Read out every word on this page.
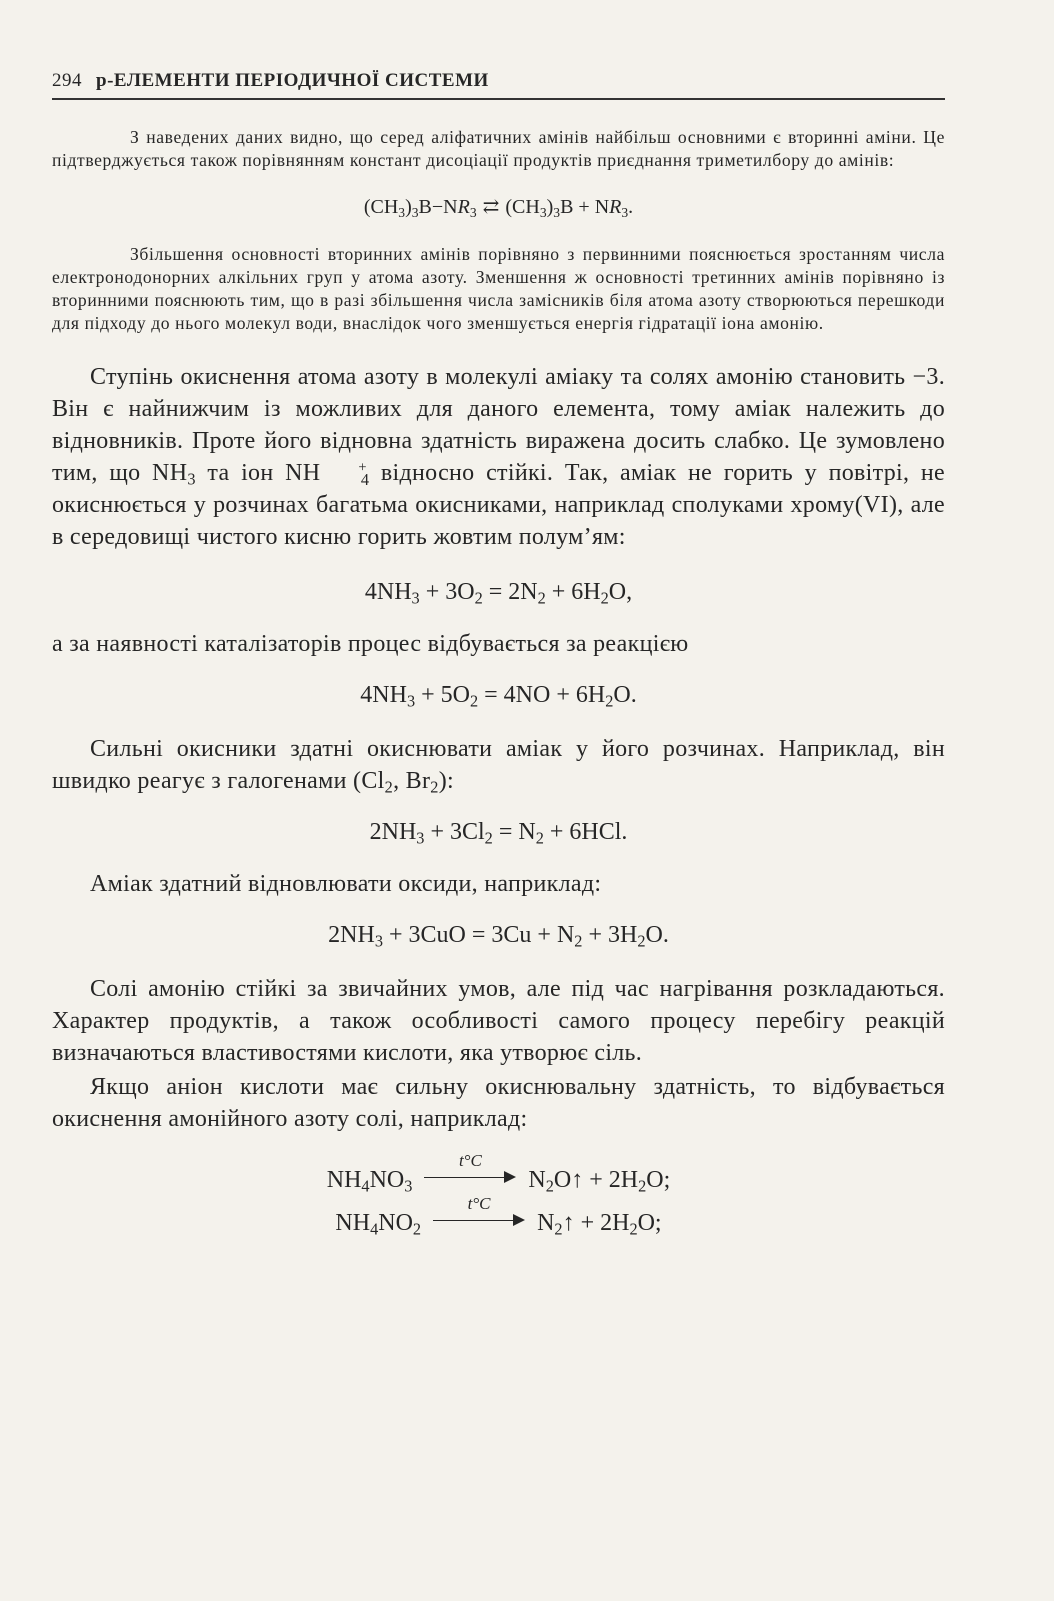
294 р-ЕЛЕМЕНТИ ПЕРІОДИЧНОЇ СИСТЕМИ

З наведених даних видно, що серед аліфатичних амінів найбільш основними є вторинні аміни. Це підтверджується також порівнянням констант дисоціації продуктів приєднання триметилбору до амінів:

$(CH_3)_3B-NR_3$ ⇄ $(CH_3)_3B + NR_3$.

Збільшення основності вторинних амінів порівняно з первинними пояснюється зростанням числа електронодонорних алкільних груп у атома азоту. Зменшення ж основності третинних амінів порівняно із вторинними пояснюють тим, що в разі збільшення числа замісників біля атома азоту створюються перешкоди для підходу до нього молекул води, внаслідок чого зменшується енергія гідратації іона амонію.

Ступінь окиснення атома азоту в молекулі аміаку та солях амонію становить −3. Він є найнижчим із можливих для даного елемента, тому аміак належить до відновників. Проте його відновна здатність виражена досить слабко. Це зумовлено тим, що $NH_3$ та іон NH	+$_4$ відносно стійкі. Так, аміак не горить у повітрі, не окиснюється у розчинах багатьма окисниками, наприклад сполуками хрому(VI), але в середовищі чистого кисню горить жовтим полум’ям:

$4NH_3 + 3O_2 = 2N_2 + 6H_2O$,

а за наявності каталізаторів процес відбувається за реакцією

$4NH_3 + 5O_2 = 4NO + 6H_2O$.

Сильні окисники здатні окиснювати аміак у його розчинах. Наприклад, він швидко реагує з галогенами ($Cl_2$, $Br_2$):

$2NH_3 + 3Cl_2 = N_2 + 6HCl$.

Аміак здатний відновлювати оксиди, наприклад:

$2NH_3 + 3CuO = 3Cu + N_2 + 3H_2O$.

Солі амонію стійкі за звичайних умов, але під час нагрівання розкладаються. Характер продуктів, а також особливості самого процесу перебігу реакцій визначаються властивостями кислоти, яка утворює сіль.

Якщо аніон кислоти має сильну окиснювальну здатність, то відбувається окиснення амонійного азоту солі, наприклад:

$NH_4NO_3$
t°C
$N_2O↑ + 2H_2O$;

$NH_4NO_2$
t°C
$N_2↑ + 2H_2O$;
